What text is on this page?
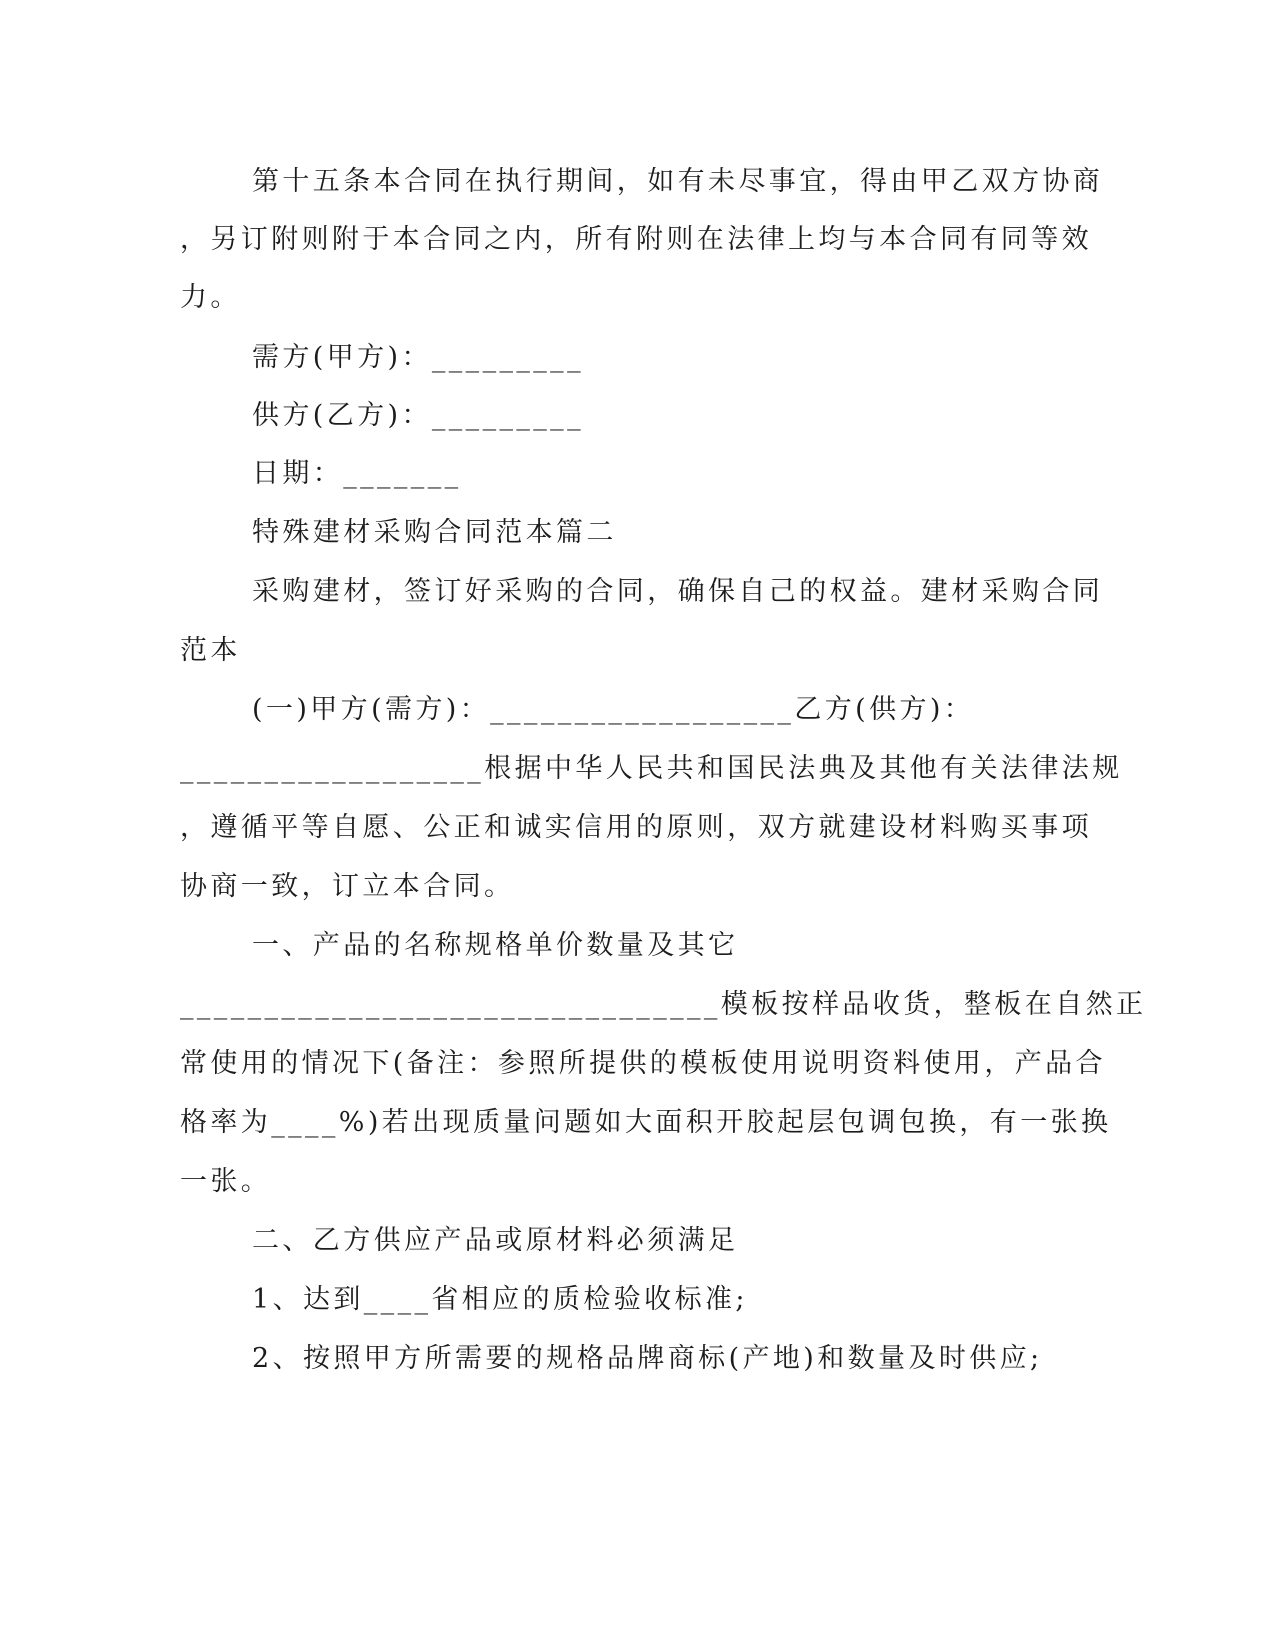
第十五条本合同在执行期间，如有未尽事宜，得由甲乙双方协商
，另订附则附于本合同之内，所有附则在法律上均与本合同有同等效
力。
需方(甲方)：_________
供方(乙方)：_________
日期：_______
特殊建材采购合同范本篇二
采购建材，签订好采购的合同，确保自己的权益。建材采购合同
范本
(一)甲方(需方)：__________________乙方(供方)：
__________________根据中华人民共和国民法典及其他有关法律法规
，遵循平等自愿、公正和诚实信用的原则，双方就建设材料购买事项
协商一致，订立本合同。
一、产品的名称规格单价数量及其它
________________________________模板按样品收货，整板在自然正
常使用的情况下(备注：参照所提供的模板使用说明资料使用，产品合
格率为____%)若出现质量问题如大面积开胶起层包调包换，有一张换
一张。
二、乙方供应产品或原材料必须满足
1、达到____省相应的质检验收标准;
2、按照甲方所需要的规格品牌商标(产地)和数量及时供应;
